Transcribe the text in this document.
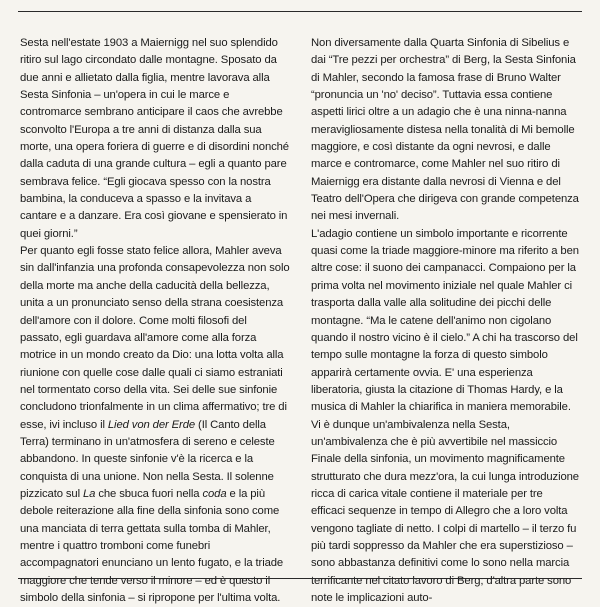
Sesta nell'estate 1903 a Maiernigg nel suo splendido ritiro sul lago circondato dalle montagne. Sposato da due anni e allietato dalla figlia, mentre lavorava alla Sesta Sinfonia – un'opera in cui le marce e contromarce sembrano anticipare il caos che avrebbe sconvolto l'Europa a tre anni di distanza dalla sua morte, una opera foriera di guerre e di disordini nonché dalla caduta di una grande cultura – egli a quanto pare sembrava felice. “Egli giocava spesso con la nostra bambina, la conduceva a spasso e la invitava a cantare e a danzare. Era così giovane e spensierato in quei giorni.”

Per quanto egli fosse stato felice allora, Mahler aveva sin dall'infanzia una profonda consapevolezza non solo della morte ma anche della caducità della bellezza, unita a un pronunciato senso della strana coesistenza dell'amore con il dolore. Come molti filosofi del passato, egli guardava all'amore come alla forza motrice in un mondo creato da Dio: una lotta volta alla riunione con quelle cose dalle quali ci siamo estraniati nel tormentato corso della vita. Sei delle sue sinfonie concludono trionfalmente in un clima affermativo; tre di esse, ivi incluso il Lied von der Erde (Il Canto della Terra) terminano in un'atmosfera di sereno e celeste abbandono. In queste sinfonie v'è la ricerca e la conquista di una unione. Non nella Sesta. Il solenne pizzicato sul La che sbuca fuori nella coda e la più debole reiterazione alla fine della sinfonia sono come una manciata di terra gettata sulla tomba di Mahler, mentre i quattro tromboni come funebri accompagnatori enunciano un lento fugato, e la triade maggiore che tende verso il minore – ed è questo il simbolo della sinfonia – si ripropone per l'ultima volta.

Non diversamente dalla Quarta Sinfonia di Sibelius e dai “Tre pezzi per orchestra” di Berg, la Sesta Sinfonia di Mahler, secondo la famosa frase di Bruno Walter “pronuncia un 'no' deciso”. Tuttavia essa contiene aspetti lirici oltre a un adagio che è una ninna-nanna meravigliosamente distesa nella tonalità di Mi bemolle maggiore, e così distante da ogni nevrosi, e dalle marce e contromarce, come Mahler nel suo ritiro di Maiernigg era distante dalla nevrosi di Vienna e del Teatro dell'Opera che dirigeva con grande competenza nei mesi invernali.

L'adagio contiene un simbolo importante e ricorrente quasi come la triade maggiore-minore ma riferito a ben altre cose: il suono dei campanacci. Compaiono per la prima volta nel movimento iniziale nel quale Mahler ci trasporta dalla valle alla solitudine dei picchi delle montagne. “Ma le catene dell'animo non cigolano quando il nostro vicino è il cielo.” A chi ha trascorso del tempo sulle montagne la forza di questo simbolo apparirà certamente ovvia. E' una esperienza liberatoria, giusta la citazione di Thomas Hardy, e la musica di Mahler la chiarifica in maniera memorabile.

Vi è dunque un'ambivalenza nella Sesta, un'ambivalenza che è più avvertibile nel massiccio Finale della sinfonia, un movimento magnificamente strutturato che dura mezz'ora, la cui lunga introduzione ricca di carica vitale contiene il materiale per tre efficaci sequenze in tempo di Allegro che a loro volta vengono tagliate di netto. I colpi di martello – il terzo fu più tardi soppresso da Mahler che era superstizioso – sono abbastanza definitivi come lo sono nella marcia terrificante nel citato lavoro di Berg; d'altra parte sono note le implicazioni auto-
